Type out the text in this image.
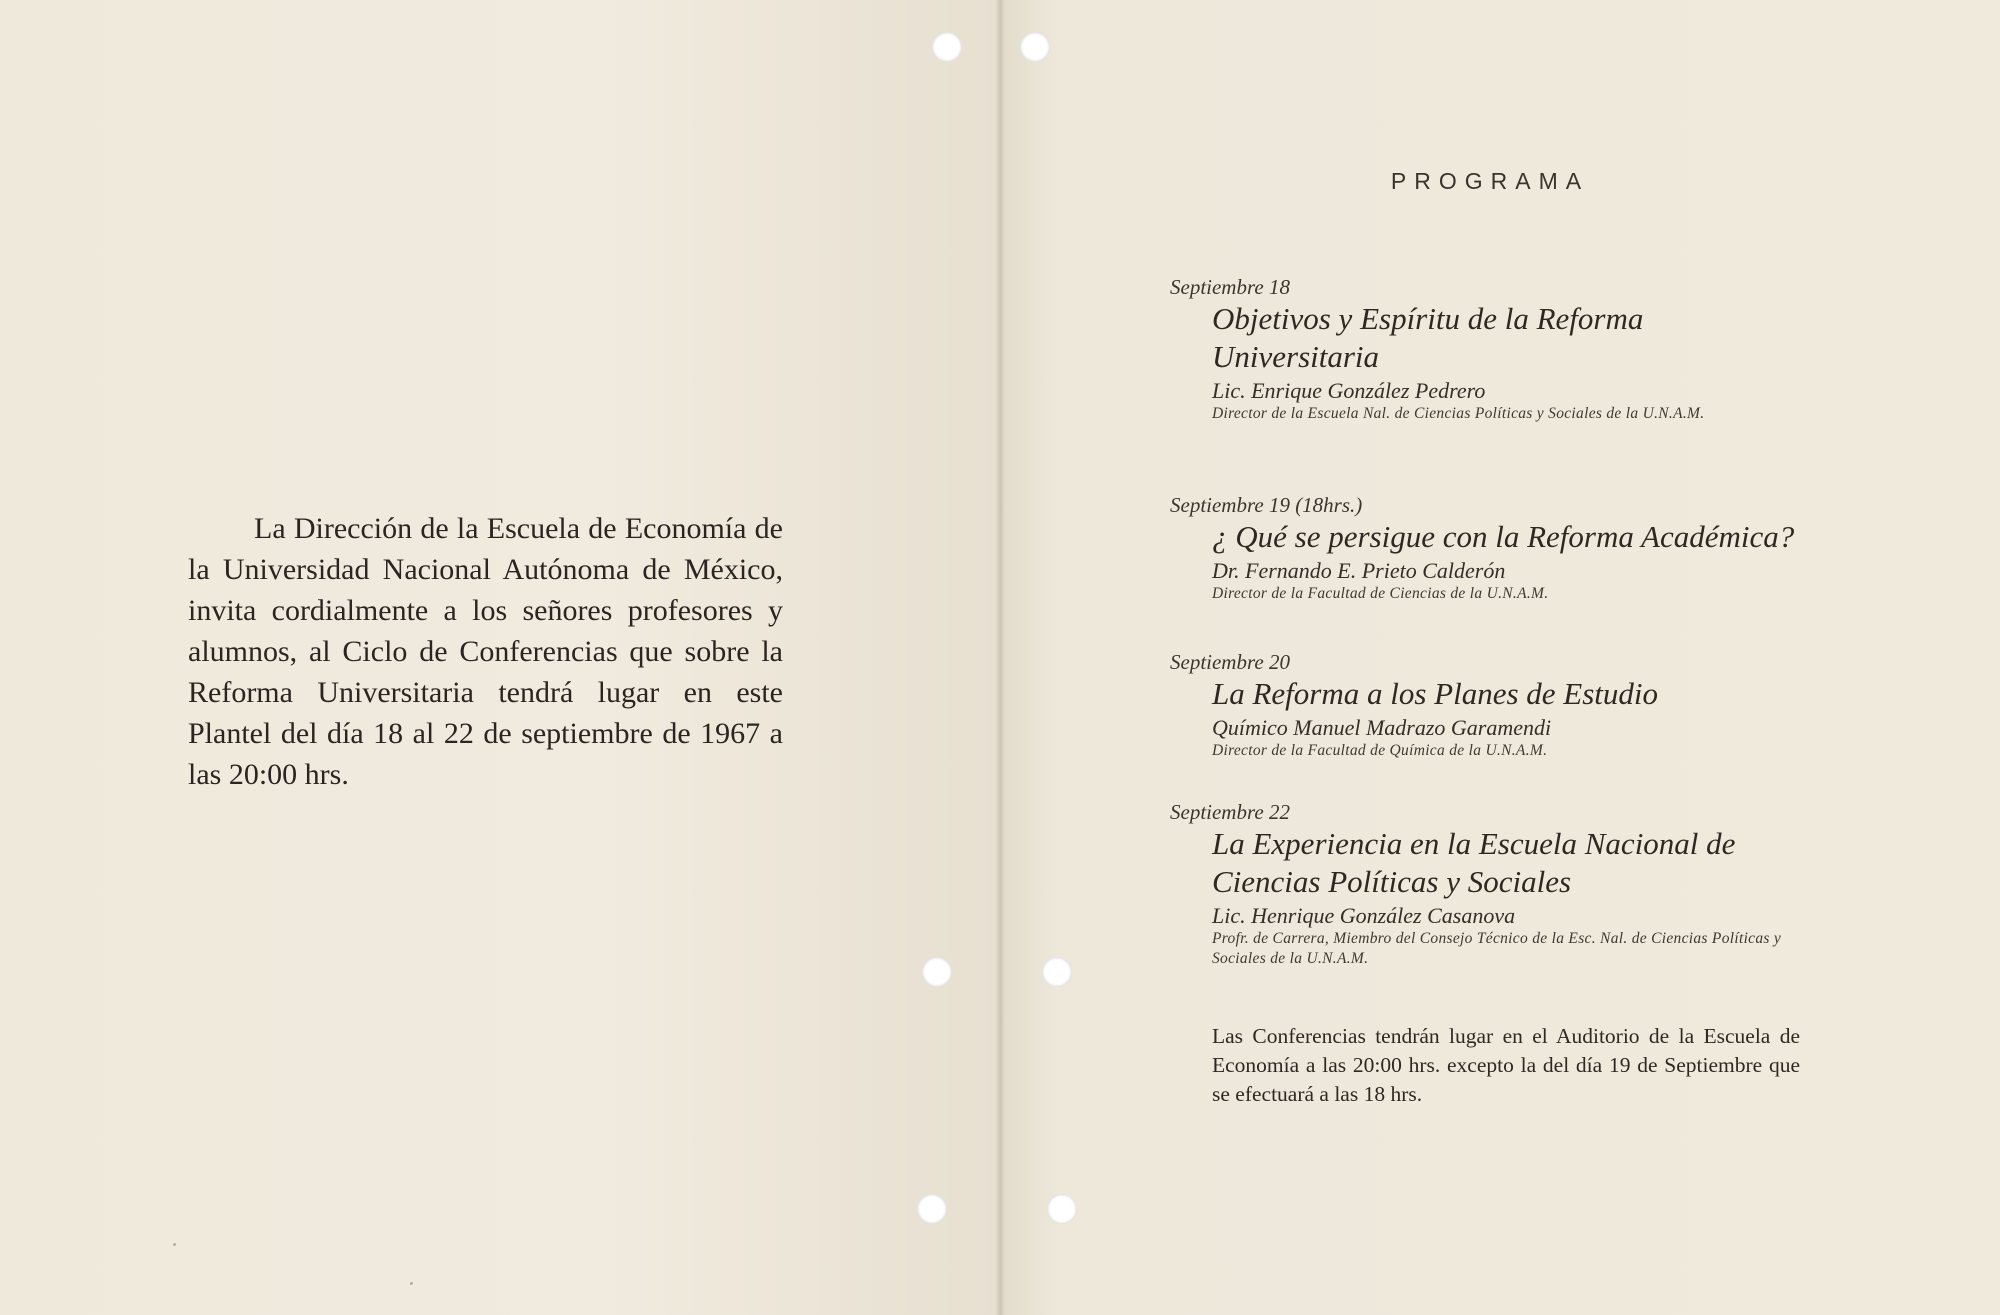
La Dirección de la Escuela de Economía de la Universidad Nacional Autónoma de México, invita cordialmente a los señores profesores y alumnos, al Ciclo de Conferencias que sobre la Reforma Universitaria tendrá lugar en este Plantel del día 18 al 22 de septiembre de 1967 a las 20:00 hrs.

PROGRAMA
Septiembre 18
Objetivos y Espíritu de la Reforma Universitaria
Lic. Enrique González Pedrero
Director de la Escuela Nal. de Ciencias Políticas y Sociales de la U.N.A.M.
Septiembre 19 (18hrs.)
¿ Qué se persigue con la Reforma Académica?
Dr. Fernando E. Prieto Calderón
Director de la Facultad de Ciencias de la U.N.A.M.
Septiembre 20
La Reforma a los Planes de Estudio
Químico Manuel Madrazo Garamendi
Director de la Facultad de Química de la U.N.A.M.
Septiembre 22
La Experiencia en la Escuela Nacional de Ciencias Políticas y Sociales
Lic. Henrique González Casanova
Profr. de Carrera, Miembro del Consejo Técnico de la Esc. Nal. de Ciencias Políticas y Sociales de la U.N.A.M.

Las Conferencias tendrán lugar en el Auditorio de la Escuela de Economía a las 20:00 hrs. excepto la del día 19 de Septiembre que se efectuará a las 18 hrs.
